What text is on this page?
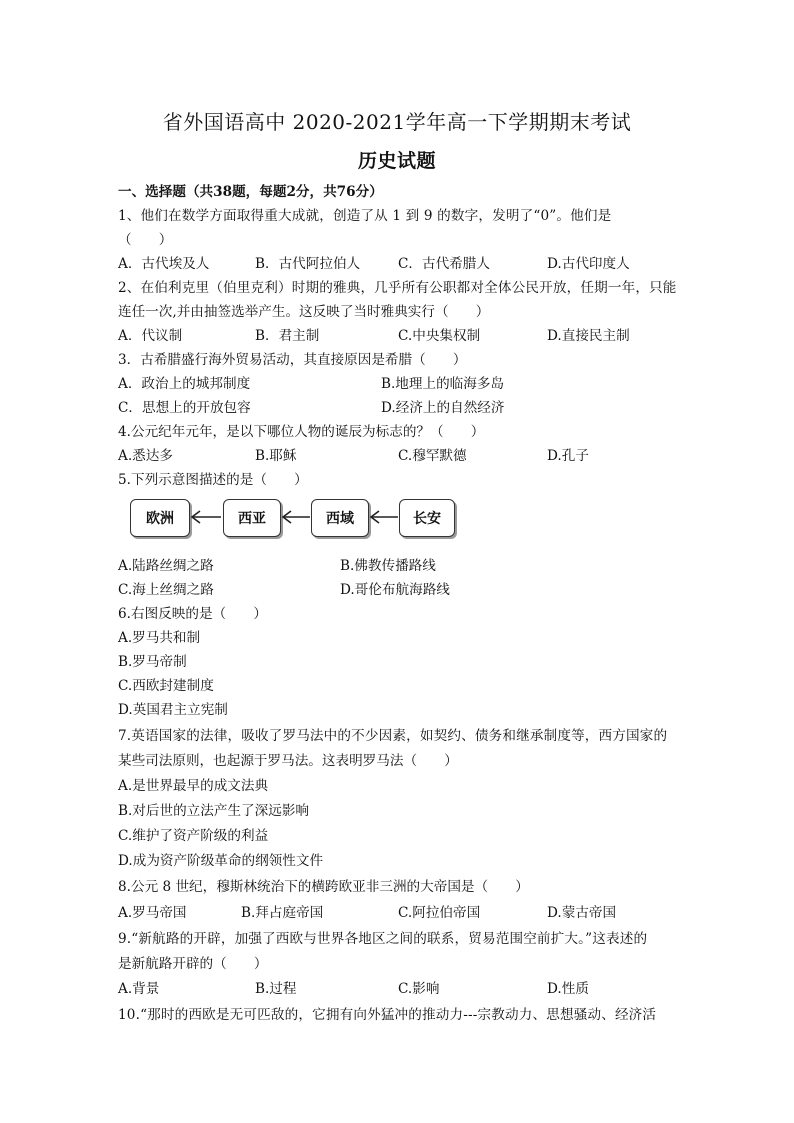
省外国语高中 2020-2021学年高一下学期期末考试
历史试题
一、选择题（共38题，每题2分，共76分）
1、他们在数学方面取得重大成就，创造了从 1 到 9 的数字，发明了“0”。他们是
（　　）
A．古代埃及人	B．古代阿拉伯人	C．古代希腊人	D.古代印度人
2、在伯利克里（伯里克利）时期的雅典，几乎所有公职都对全体公民开放，任期一年，只能
连任一次,并由抽签选举产生。这反映了当时雅典实行（　　）
A．代议制	B．君主制	C.中央集权制	D.直接民主制
3．古希腊盛行海外贸易活动，其直接原因是希腊（　　）
A．政治上的城邦制度	B.地理上的临海多岛
C．思想上的开放包容	D.经济上的自然经济
4.公元纪年元年，是以下哪位人物的诞辰为标志的？（　　）
A.悉达多	B.耶稣	C.穆罕默德	D.孔子
5.下列示意图描述的是（　　）
欧洲	西亚	西域	长安
A.陆路丝绸之路	B.佛教传播路线
C.海上丝绸之路	D.哥伦布航海路线
6.右图反映的是（　　）
A.罗马共和制
B.罗马帝制
C.西欧封建制度
D.英国君主立宪制
7.英语国家的法律，吸收了罗马法中的不少因素，如契约、债务和继承制度等，西方国家的
某些司法原则，也起源于罗马法。这表明罗马法（　　）
A.是世界最早的成文法典
B.对后世的立法产生了深远影响
C.维护了资产阶级的利益
D.成为资产阶级革命的纲领性文件
8.公元 8 世纪，穆斯林统治下的横跨欧亚非三洲的大帝国是（　　）
A.罗马帝国	B.拜占庭帝国	C.阿拉伯帝国	D.蒙古帝国
9.“新航路的开辟，加强了西欧与世界各地区之间的联系，贸易范围空前扩大。”这表述的
是新航路开辟的（　　）
A.背景	B.过程	C.影响	D.性质
10.“那时的西欧是无可匹敌的，它拥有向外猛冲的推动力---宗教动力、思想骚动、经济活
